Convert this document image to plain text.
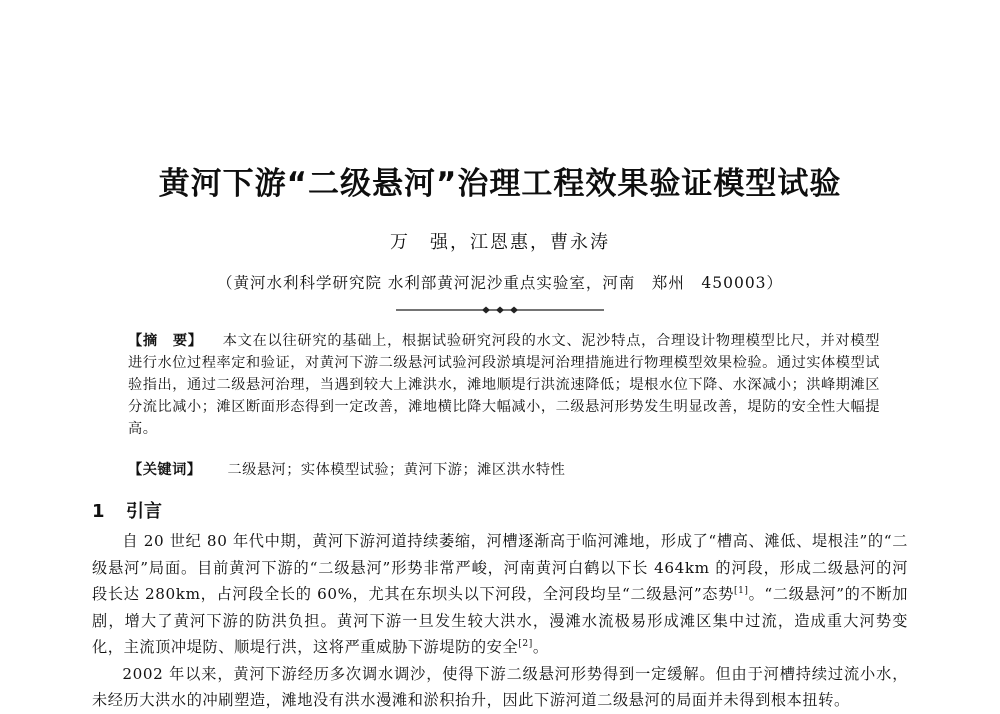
黄河下游“二级悬河”治理工程效果验证模型试验
万　强，江恩惠，曹永涛
（黄河水利科学研究院 水利部黄河泥沙重点实验室，河南　郑州　450003）
【摘　要】 本文在以往研究的基础上，根据试验研究河段的水文、泥沙特点，合理设计物理模型比尺，并对模型进行水位过程率定和验证，对黄河下游二级悬河试验河段淤填堤河治理措施进行物理模型效果检验。通过实体模型试验指出，通过二级悬河治理，当遇到较大上滩洪水，滩地顺堤行洪流速降低；堤根水位下降、水深减小；洪峰期滩区分流比减小；滩区断面形态得到一定改善，滩地横比降大幅减小，二级悬河形势发生明显改善，堤防的安全性大幅提高。
【关键词】 二级悬河；实体模型试验；黄河下游；滩区洪水特性
1 引言

自 20 世纪 80 年代中期，黄河下游河道持续萎缩，河槽逐渐高于临河滩地，形成了“槽高、滩低、堤根洼”的“二级悬河”局面。目前黄河下游的“二级悬河”形势非常严峻，河南黄河白鹤以下长 464km 的河段，形成二级悬河的河段长达 280km，占河段全长的 60%，尤其在东坝头以下河段，全河段均呈“二级悬河”态势[1]。“二级悬河”的不断加剧，增大了黄河下游的防洪负担。黄河下游一旦发生较大洪水，漫滩水流极易形成滩区集中过流，造成重大河势变化，主流顶冲堤防、顺堤行洪，这将严重威胁下游堤防的安全[2]。

2002 年以来，黄河下游经历多次调水调沙，使得下游二级悬河形势得到一定缓解。但由于河槽持续过流小水，未经历大洪水的冲刷塑造，滩地没有洪水漫滩和淤积抬升，因此下游河道二级悬河的局面并未得到根本扭转。
